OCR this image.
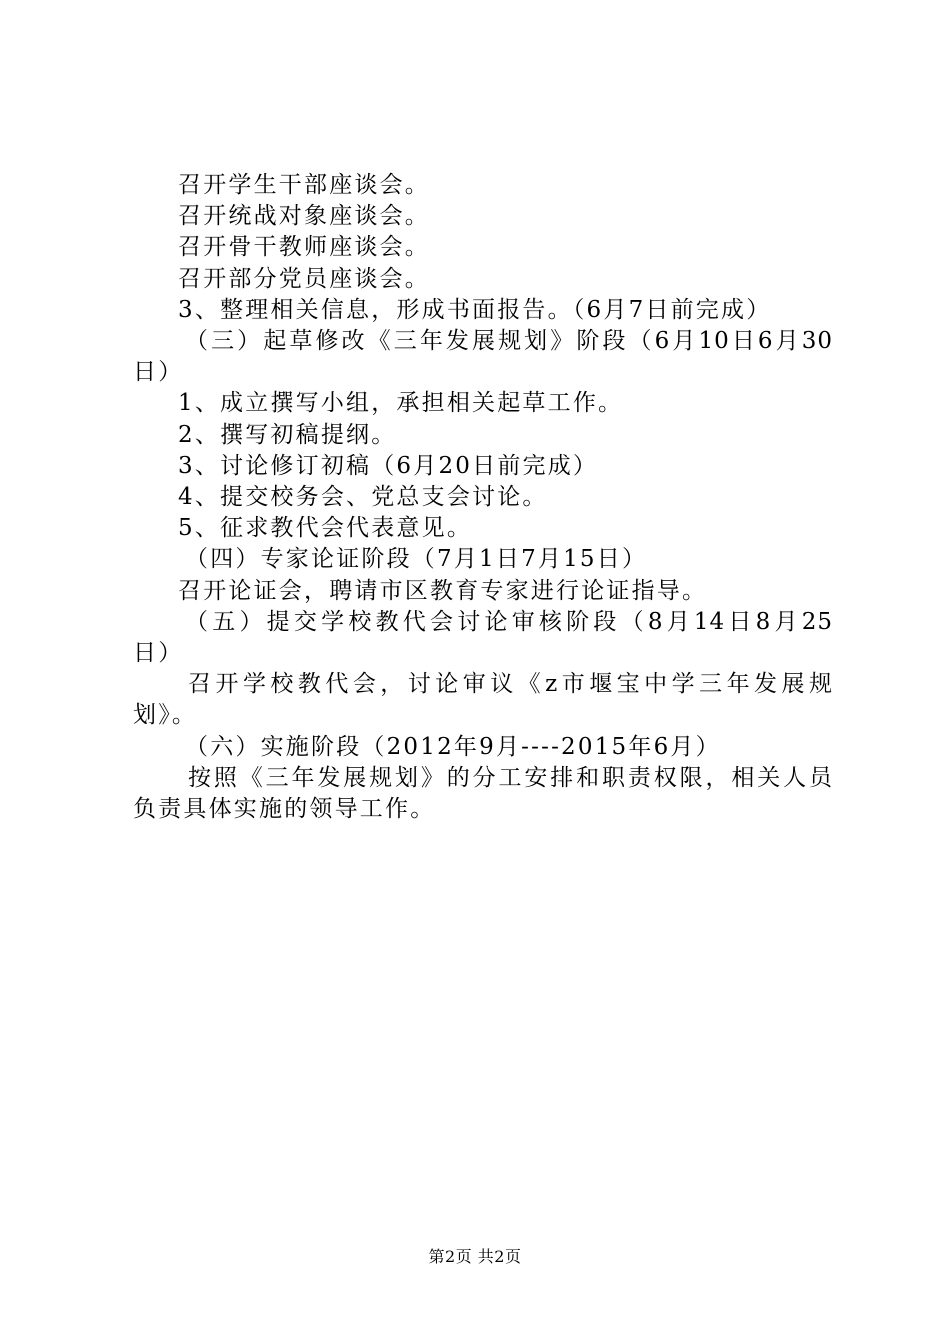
召开学生干部座谈会。

召开统战对象座谈会。

召开骨干教师座谈会。

召开部分党员座谈会。

3、整理相关信息，形成书面报告。（6月7日前完成）

（三）起草修改《三年发展规划》阶段（6月10日6月30

日）

1、成立撰写小组，承担相关起草工作。

2、撰写初稿提纲。

3、讨论修订初稿（6月20日前完成）

4、提交校务会、党总支会讨论。

5、征求教代会代表意见。

（四）专家论证阶段（7月1日7月15日）

召开论证会，聘请市区教育专家进行论证指导。

（五）提交学校教代会讨论审核阶段（8月14日8月25

日）

召开学校教代会，讨论审议《z市堰宝中学三年发展规

划》。

（六）实施阶段（2012年9月----2015年6月）

按照《三年发展规划》的分工安排和职责权限，相关人员

负责具体实施的领导工作。

第2页 共2页
